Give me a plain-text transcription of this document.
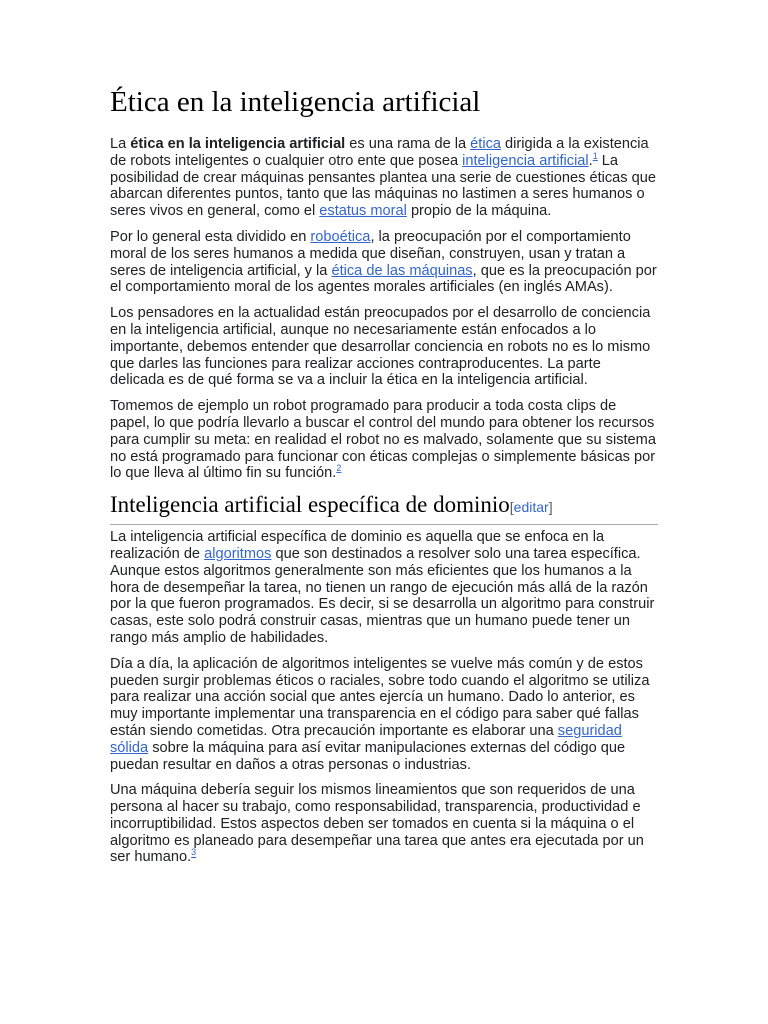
Ética en la inteligencia artificial

La ética en la inteligencia artificial es una rama de la ética dirigida a la existencia de robots inteligentes o cualquier otro ente que posea inteligencia artificial.$^1$ La posibilidad de crear máquinas pensantes plantea una serie de cuestiones éticas que abarcan diferentes puntos, tanto que las máquinas no lastimen a seres humanos o seres vivos en general, como el estatus moral propio de la máquina.

Por lo general esta dividido en roboética, la preocupación por el comportamiento moral de los seres humanos a medida que diseñan, construyen, usan y tratan a seres de inteligencia artificial, y la ética de las máquinas, que es la preocupación por el comportamiento moral de los agentes morales artificiales (en inglés AMAs).

Los pensadores en la actualidad están preocupados por el desarrollo de conciencia en la inteligencia artificial, aunque no necesariamente están enfocados a lo importante, debemos entender que desarrollar conciencia en robots no es lo mismo que darles las funciones para realizar acciones contraproducentes. La parte delicada es de qué forma se va a incluir la ética en la inteligencia artificial.

Tomemos de ejemplo un robot programado para producir a toda costa clips de papel, lo que podría llevarlo a buscar el control del mundo para obtener los recursos para cumplir su meta: en realidad el robot no es malvado, solamente que su sistema no está programado para funcionar con éticas complejas o simplemente básicas por lo que lleva al último fin su función.$^2$

Inteligencia artificial específica de dominio[editar]

La inteligencia artificial específica de dominio es aquella que se enfoca en la realización de algoritmos que son destinados a resolver solo una tarea específica. Aunque estos algoritmos generalmente son más eficientes que los humanos a la hora de desempeñar la tarea, no tienen un rango de ejecución más allá de la razón por la que fueron programados. Es decir, si se desarrolla un algoritmo para construir casas, este solo podrá construir casas, mientras que un humano puede tener un rango más amplio de habilidades.

Día a día, la aplicación de algoritmos inteligentes se vuelve más común y de estos pueden surgir problemas éticos o raciales, sobre todo cuando el algoritmo se utiliza para realizar una acción social que antes ejercía un humano. Dado lo anterior, es muy importante implementar una transparencia en el código para saber qué fallas están siendo cometidas. Otra precaución importante es elaborar una seguridad sólida sobre la máquina para así evitar manipulaciones externas del código que puedan resultar en daños a otras personas o industrias.

Una máquina debería seguir los mismos lineamientos que son requeridos de una persona al hacer su trabajo, como responsabilidad, transparencia, productividad e incorruptibilidad. Estos aspectos deben ser tomados en cuenta si la máquina o el algoritmo es planeado para desempeñar una tarea que antes era ejecutada por un ser humano.$^3$
